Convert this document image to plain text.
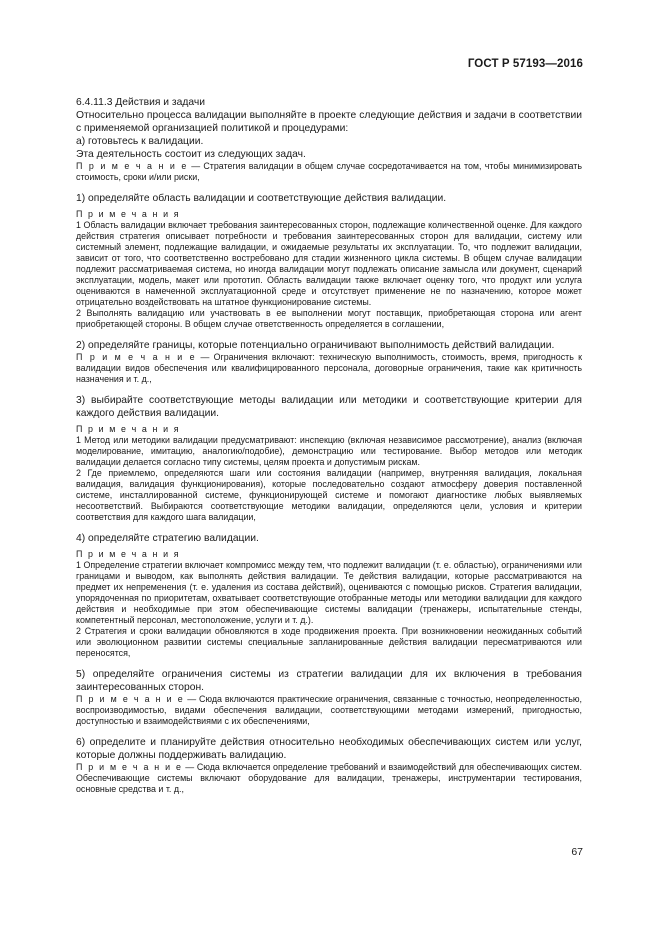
ГОСТ Р 57193—2016

6.4.11.3 Действия и задачи

Относительно процесса валидации выполняйте в проекте следующие действия и задачи в соответствии с применяемой организацией политикой и процедурами:

а) готовьтесь к валидации.

Эта деятельность состоит из следующих задач.

П р и м е ч а н и е — Стратегия валидации в общем случае сосредотачивается на том, чтобы минимизировать стоимость, сроки и/или риски,

1) определяйте область валидации и соответствующие действия валидации.

П р и м е ч а н и я

1 Область валидации включает требования заинтересованных сторон, подлежащие количественной оценке. Для каждого действия стратегия описывает потребности и требования заинтересованных сторон для валидации, систему или системный элемент, подлежащие валидации, и ожидаемые результаты их эксплуатации. То, что подлежит валидации, зависит от того, что соответственно востребовано для стадии жизненного цикла системы. В общем случае валидации подлежит рассматриваемая система, но иногда валидации могут подлежать описание замысла или документ, сценарий эксплуатации, модель, макет или прототип. Область валидации также включает оценку того, что продукт или услуга оцениваются в намеченной эксплуатационной среде и отсутствует применение не по назначению, которое может отрицательно воздействовать на штатное функционирование системы.

2 Выполнять валидацию или участвовать в ее выполнении могут поставщик, приобретающая сторона или агент приобретающей стороны. В общем случае ответственность определяется в соглашении,

2) определяйте границы, которые потенциально ограничивают выполнимость действий валидации.

П р и м е ч а н и е — Ограничения включают: техническую выполнимость, стоимость, время, пригодность к валидации видов обеспечения или квалифицированного персонала, договорные ограничения, такие как критичность назначения и т. д.,

3) выбирайте соответствующие методы валидации или методики и соответствующие критерии для каждого действия валидации.

П р и м е ч а н и я

1 Метод или методики валидации предусматривают: инспекцию (включая независимое рассмотрение), анализ (включая моделирование, имитацию, аналогию/подобие), демонстрацию или тестирование. Выбор методов или методик валидации делается согласно типу системы, целям проекта и допустимым рискам.

2 Где приемлемо, определяются шаги или состояния валидации (например, внутренняя валидация, локальная валидация, валидация функционирования), которые последовательно создают атмосферу доверия поставленной системе, инсталлированной системе, функционирующей системе и помогают диагностике любых выявляемых несоответствий. Выбираются соответствующие методики валидации, определяются цели, условия и критерии соответствия для каждого шага валидации,

4) определяйте стратегию валидации.

П р и м е ч а н и я

1 Определение стратегии включает компромисс между тем, что подлежит валидации (т. е. областью), ограничениями или границами и выводом, как выполнять действия валидации. Те действия валидации, которые рассматриваются на предмет их непременения (т. е. удаления из состава действий), оцениваются с помощью рисков. Стратегия валидации, упорядоченная по приоритетам, охватывает соответствующие отобранные методы или методики валидации для каждого действия и необходимые при этом обеспечивающие системы валидации (тренажеры, испытательные стенды, компетентный персонал, местоположение, услуги и т. д.).

2 Стратегия и сроки валидации обновляются в ходе продвижения проекта. При возникновении неожиданных событий или эволюционном развитии системы специальные запланированные действия валидации пересматриваются или переносятся,

5) определяйте ограничения системы из стратегии валидации для их включения в требования заинтересованных сторон.

П р и м е ч а н и е — Сюда включаются практические ограничения, связанные с точностью, неопределенностью, воспроизводимостью, видами обеспечения валидации, соответствующими методами измерений, пригодностью, доступностью и взаимодействиями с их обеспечениями,

6) определите и планируйте действия относительно необходимых обеспечивающих систем или услуг, которые должны поддерживать валидацию.

П р и м е ч а н и е — Сюда включается определение требований и взаимодействий для обеспечивающих систем. Обеспечивающие системы включают оборудование для валидации, тренажеры, инструментарии тестирования, основные средства и т. д.,

67
